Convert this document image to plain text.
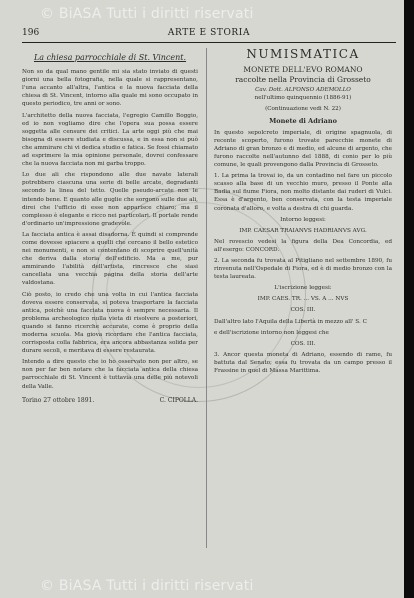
© BiASA Tutti i diritti riservati
© BiASA Tutti i diritti riservati
196	ARTE E STORIA
La chiesa parrocchiale di St. Vincent.

Non so da qual mano gentile mi sia stato inviato di questi giorni una bella fotografia, nella quale si rappresentano, l'una accanto all'altra, l'antica e la nuova facciata della chiesa di St. Vincent, intorno alla quale mi sono occupato in questo periodico, tre anni or sono.

L'architetto della nuova facciata, l'egregio Camillo Boggio, ed io non vogliamo dire che l'opera sua possa essere soggetta alle censure dei critici. La arte oggi più che mai bisogna di essere studiata e discussa, e in essa non si può che ammirare chi vi dedica studio e fatica. Se fossi chiamato ad esprimere la mia opinione personale, dovrei confessare che la nuova facciata non mi garba troppo.

Lo due ali che rispondono alle due navate laterali potrebbero ciascuna una serie di belle arcate, degradanti secondo la linea del tetto. Quelle pseudo-arcate non le intendo bene. E quanto alle guglie che sorgono sulle due ali, direi che l'ufficio di esse non apparisce chiaro; ma il complesso è elegante e ricco nei particolari. Il portale rende d'ordinario un'impressione gradevole.

La facciata antica è assai disadorna. È quindi si comprende come dovesse spiacere a quelli che cercano il bello estetico nei monumenti, e non si contentano di scoprire quell'unità che deriva dalla storia dell'edificio. Ma a me, pur ammirando l'abilità dell'artista, rincresce che siasi cancellata una vecchia pagina della storia dell'arte valdostana.

Ciò posto, io credo che una volta in cui l'antica facciata doveva essere conservata, si poteva trasportare la facciata antica, poichè una facciata nuova è sempre necessaria. Il problema archeologico nulla vieta di risolvere a posteriori, quando si fanno ricerche accurate, come è proprio della moderna scuola. Ma giova ricordare che l'antica facciata, corrisposta colla fabbrica, era ancora abbastanza solida per durare secoli, e meritava di essere restaurata.

Intendo a dire questo che io ho osservato non per altro, se non per far ben notare che la facciata antica della chiesa parrocchiale di St. Vincent è tuttavia una delle più notevoli della Valle.

Torino 27 ottobre 1891.	C. CIPOLLA.
NUMISMATICA
MONETE DELL'EVO ROMANO
raccolte nella Provincia di Grosseto
Cav. Dott. ALFONSO ADEMOLLO
nell'ultimo quinquennio (1886-91)
(Continuazione vedi N. 22)
Monete di Adriano

In questo sepolcreto imperiale, di origine spagnuola, di recente scoperto, furono trovate parecchie monete di Adriano di gran bronzo e di medio, ed alcune di argento, che furono raccolte nell'autunno del 1888, di conio per lo più comune, le quali provengono dalla Provincia di Grosseto.

1. La prima la trovai io, da un contadino nel fare un piccolo scasso alla base di un vecchio muro, presso il Ponte alla Badia sul fiume Fiora, non molto distante dai ruderi di Vulci. Essa è d'argento, ben conservata, con la testa imperiale coronata d'alloro, e volta a destra di chi guarda.

Intorno leggesi:

IMP. CAESAR TRAIANVS HADRIANVS AVG.

Nel rovescio vedesi la figura della Dea Concordia, ed all'esergo: CONCORD.

2. La seconda fu trovata al Pitigliano nel settembre 1890, fu rinvenuta nell'Ospedale di Fiora, ed è di medio bronzo con la testa laureata.

L'iscrizione leggesi:

IMP. CAES. TR. ... VS. A ... NVS

COS. III.

Dall'altro lato l'Aquila della Libertà in mezzo all' S. C

e dell'iscrizione intorno non leggesi che

COS. III.

3. Ancor questa moneta di Adriano, essendo di rame, fu battuta dal Senato; essa fu trovata da un campo presso il Frassine in quel di Massa Marittima.
